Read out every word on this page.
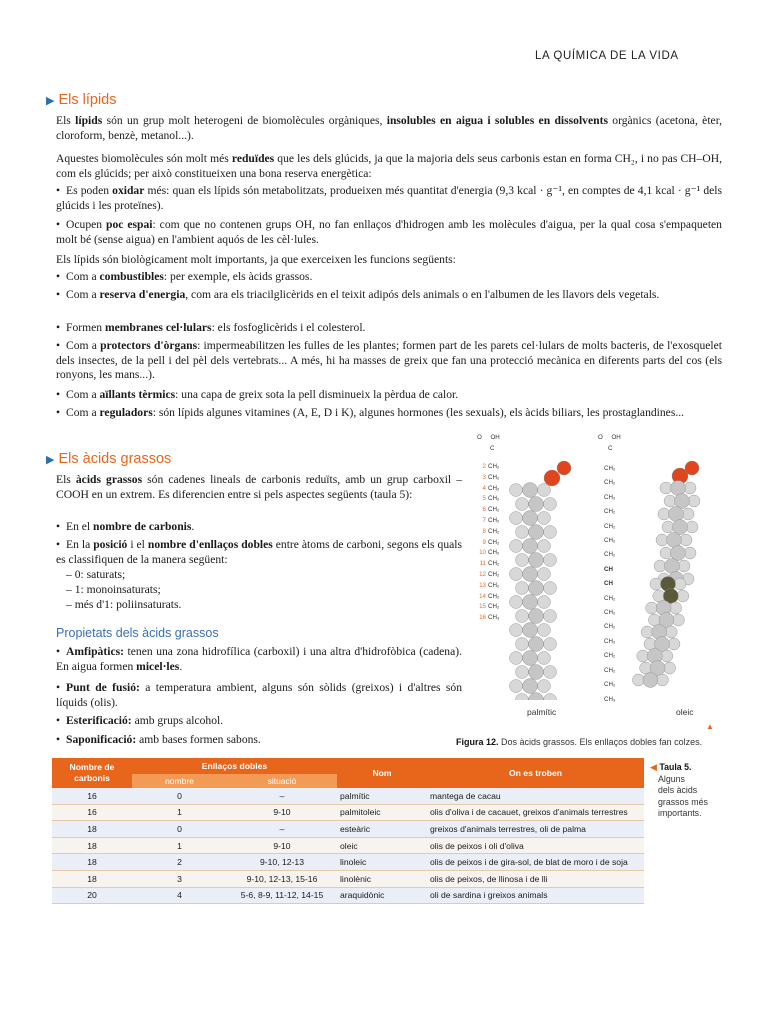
LA QUÍMICA DE LA VIDA
▶ Els lípids
Els lípids són un grup molt heterogeni de biomolècules orgàniques, insolubles en aigua i solubles en dissolvents orgànics (acetona, èter, cloroform, benzè, metanol...).
Aquestes biomolècules són molt més reduïdes que les dels glúcids, ja que la majoria dels seus carbonis estan en forma CH₂, i no pas CH–OH, com els glúcids; per això constitueixen una bona reserva energètica:
• Es poden oxidar més: quan els lípids són metabolitzats, produeixen més quantitat d'energia (9,3 kcal · g⁻¹, en comptes de 4,1 kcal · g⁻¹ dels glúcids i les proteïnes).
• Ocupen poc espai: com que no contenen grups OH, no fan enllaços d'hidrogen amb les molècules d'aigua, per la qual cosa s'empaqueten molt bé (sense aigua) en l'ambient aquós de les cèl·lules.
Els lípids són biològicament molt importants, ja que exerceixen les funcions següents:
• Com a combustibles: per exemple, els àcids grassos.
• Com a reserva d'energia, com ara els triacilglicèrids en el teixit adipós dels animals o en l'albumen de les llavors dels vegetals.
• Formen membranes cel·lulars: els fosfoglicèrids i el colesterol.
• Com a protectors d'òrgans: impermeabilitzen les fulles de les plantes; formen part de les parets cel·lulars de molts bacteris, de l'exosquelet dels insectes, de la pell i del pèl dels vertebrats... A més, hi ha masses de greix que fan una protecció mecànica en diferents parts del cos (els ronyons, les mans...).
• Com a aïllants tèrmics: una capa de greix sota la pell disminueix la pèrdua de calor.
• Com a reguladors: són lípids algunes vitamines (A, E, D i K), algunes hormones (les sexuals), els àcids biliars, les prostaglandines...
▶ Els àcids grassos
Els àcids grassos són cadenes lineals de carbonis reduïts, amb un grup carboxil –COOH en un extrem. Es diferencien entre si pels aspectes següents (taula 5):
• En el nombre de carbonis.
• En la posició i el nombre d'enllaços dobles entre àtoms de carboni, segons els quals es classifiquen de la manera següent:
– 0: saturats;
– 1: monoinsaturats;
– més d'1: poliinsaturats.
Propietats dels àcids grassos
• Amfipàtics: tenen una zona hidrofílica (carboxil) i una altra d'hidrofòbica (cadena). En aigua formen micel·les.
• Punt de fusió: a temperatura ambient, alguns són sòlids (greixos) i d'altres són líquids (olis).
• Esterificació: amb grups alcohol.
• Saponificació: amb bases formen sabons.
O OH
C
2 CH₂
3 CH₂
4 CH₂
5 CH₂
6 CH₂
7 CH₂
8 CH₂
9 CH₂
10 CH₂
11 CH₂
12 CH₂
13 CH₂
14 CH₂
15 CH₂
16 CH₃
O OH
C
CH₂
CH₂
CH₂
CH₂
CH₂
CH₂
CH₂
CH
CH
CH₂
CH₂
CH₂
CH₂
CH₂
CH₂
CH₂
CH₃
palmític	oleic
▲
Figura 12. Dos àcids grassos. Els enllaços dobles fan colzes.
Nombre de carbonis	Enllaços dobles		Nom	On es troben
	nombre	situació		
16	0	–	palmític	mantega de cacau
16	1	9-10	palmitoleic	olis d'oliva i de cacauet, greixos d'animals terrestres
18	0	–	esteàric	greixos d'animals terrestres, oli de palma
18	1	9-10	oleic	olis de peixos i oli d'oliva
18	2	9-10, 12-13	linoleic	olis de peixos i de gira-sol, de blat de moro i de soja
18	3	9-10, 12-13, 15-16	linolènic	olis de peixos, de llinosa i de lli
20	4	5-6, 8-9, 11-12, 14-15	araquidònic	oli de sardina i greixos animals
◀ Taula 5.

Alguns
dels àcids
grassos més
importants.
